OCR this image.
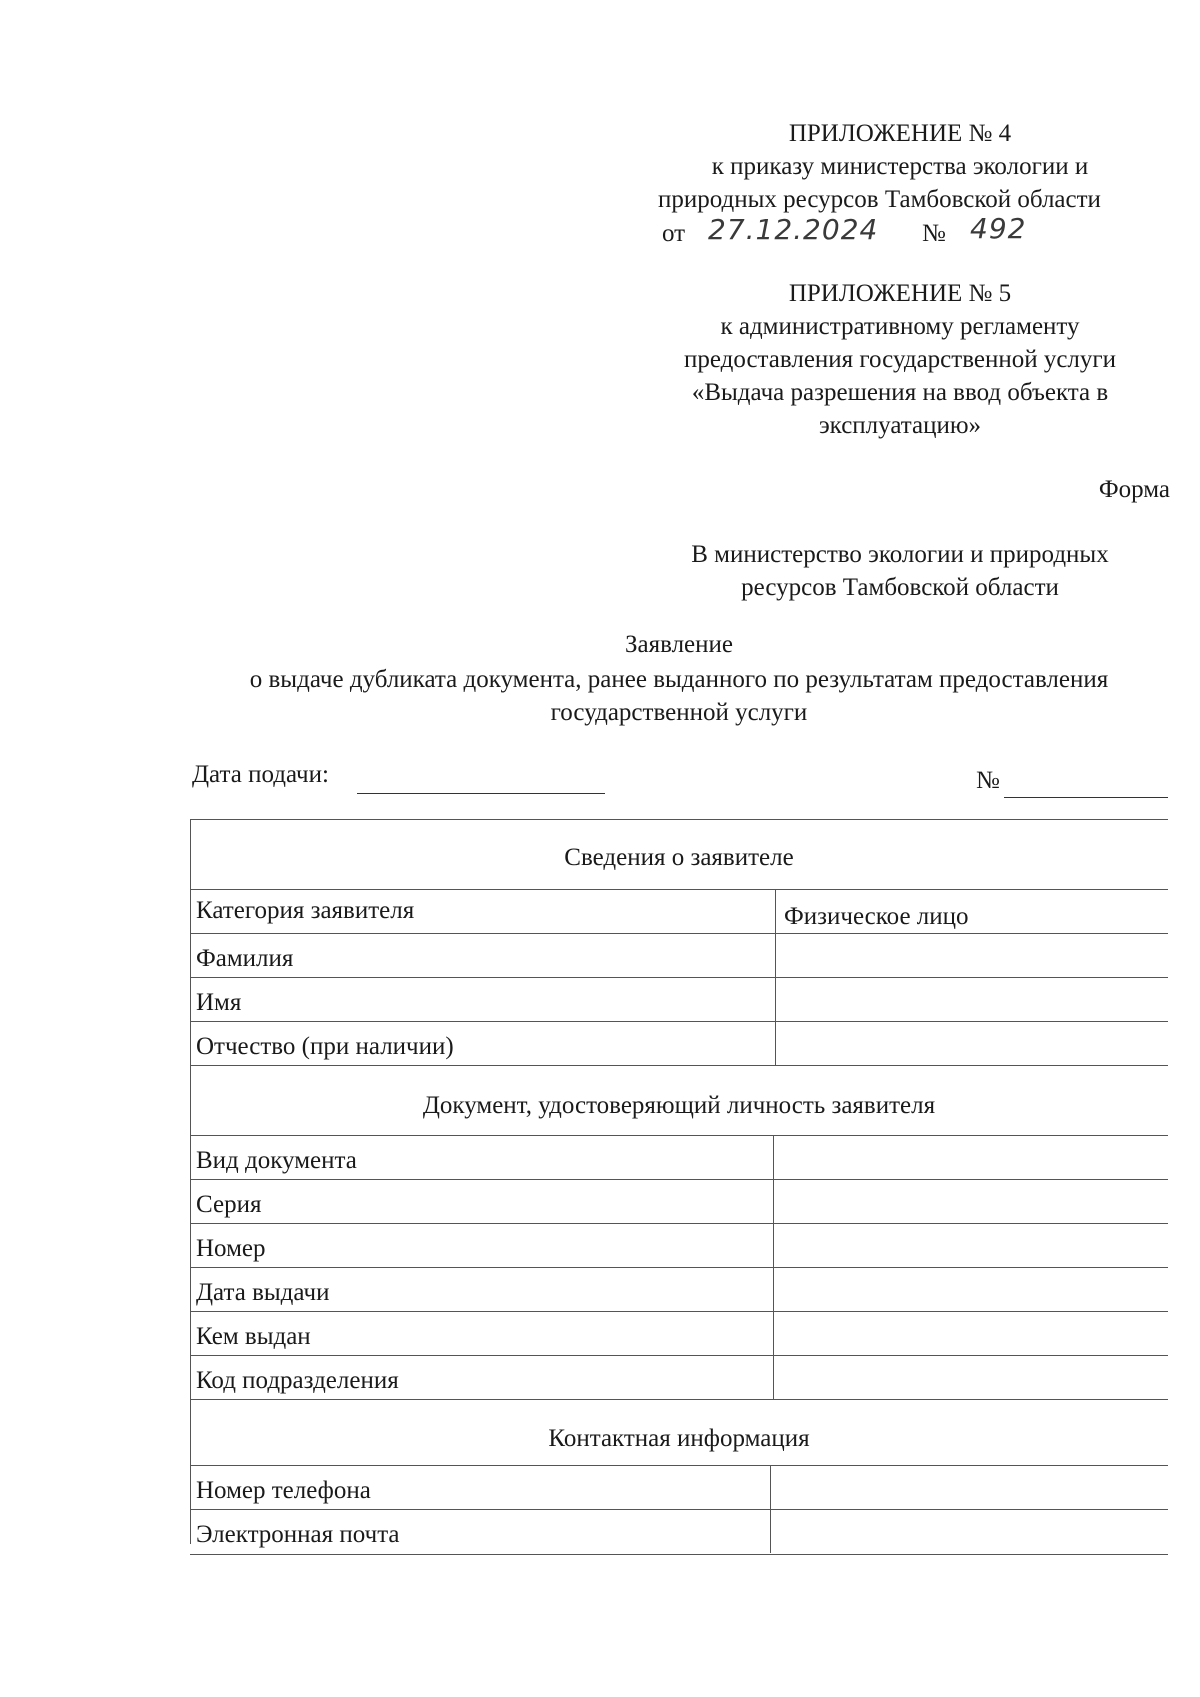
ПРИЛОЖЕНИЕ № 4
к приказу министерства экологии и
природных ресурсов Тамбовской области
от 27.12.2024 № 492
ПРИЛОЖЕНИЕ № 5
к административному регламенту
предоставления государственной услуги
«Выдача разрешения на ввод объекта в
эксплуатацию»
Форма
В министерство экологии и природных
ресурсов Тамбовской области
Заявление
о выдаче дубликата документа, ранее выданного по результатам предоставления
государственной услуги
Дата подачи:	№
Сведения о заявителе
Категория заявителя	Физическое лицо
Фамилия
Имя
Отчество (при наличии)
Документ, удостоверяющий личность заявителя
Вид документа
Серия
Номер
Дата выдачи
Кем выдан
Код подразделения
Контактная информация
Номер телефона
Электронная почта
